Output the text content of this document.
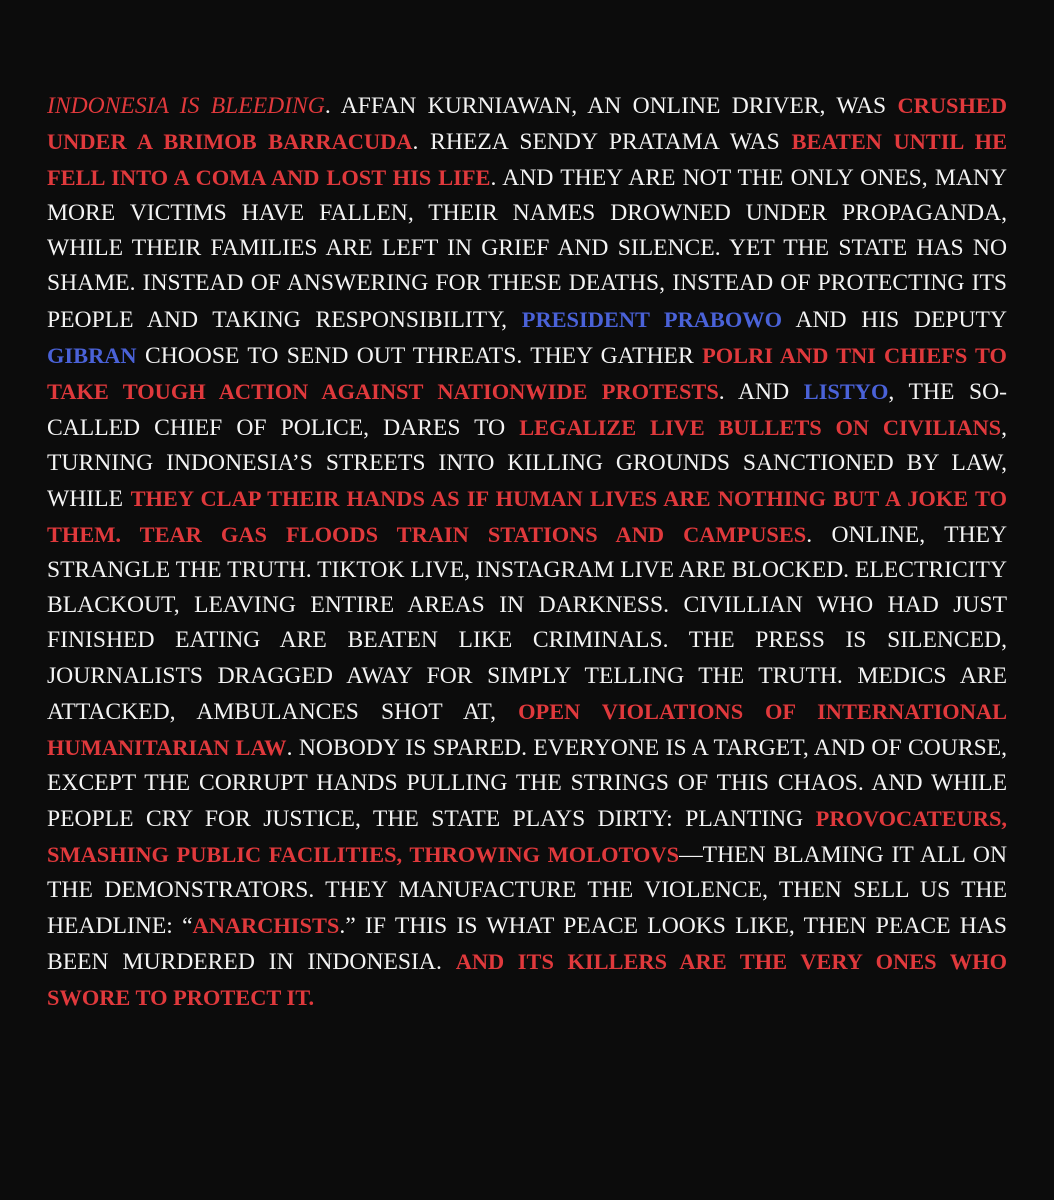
INDONESIA IS BLEEDING. AFFAN KURNIAWAN, AN ONLINE DRIVER, WAS CRUSHED UNDER A BRIMOB BARRACUDA. RHEZA SENDY PRATAMA WAS BEATEN UNTIL HE FELL INTO A COMA AND LOST HIS LIFE. AND THEY ARE NOT THE ONLY ONES, MANY MORE VICTIMS HAVE FALLEN, THEIR NAMES DROWNED UNDER PROPAGANDA, WHILE THEIR FAMILIES ARE LEFT IN GRIEF AND SILENCE. YET THE STATE HAS NO SHAME. INSTEAD OF ANSWERING FOR THESE DEATHS, INSTEAD OF PROTECTING ITS PEOPLE AND TAKING RESPONSIBILITY, PRESIDENT PRABOWO AND HIS DEPUTY GIBRAN CHOOSE TO SEND OUT THREATS. THEY GATHER POLRI AND TNI CHIEFS TO TAKE TOUGH ACTION AGAINST NATIONWIDE PROTESTS. AND LISTYO, THE SO-CALLED CHIEF OF POLICE, DARES TO LEGALIZE LIVE BULLETS ON CIVILIANS, TURNING INDONESIA’S STREETS INTO KILLING GROUNDS SANCTIONED BY LAW, WHILE THEY CLAP THEIR HANDS AS IF HUMAN LIVES ARE NOTHING BUT A JOKE TO THEM. TEAR GAS FLOODS TRAIN STATIONS AND CAMPUSES. ONLINE, THEY STRANGLE THE TRUTH. TIKTOK LIVE, INSTAGRAM LIVE ARE BLOCKED. ELECTRICITY BLACKOUT, LEAVING ENTIRE AREAS IN DARKNESS. CIVILLIAN WHO HAD JUST FINISHED EATING ARE BEATEN LIKE CRIMINALS. THE PRESS IS SILENCED, JOURNALISTS DRAGGED AWAY FOR SIMPLY TELLING THE TRUTH. MEDICS ARE ATTACKED, AMBULANCES SHOT AT, OPEN VIOLATIONS OF INTERNATIONAL HUMANITARIAN LAW. NOBODY IS SPARED. EVERYONE IS A TARGET, AND OF COURSE, EXCEPT THE CORRUPT HANDS PULLING THE STRINGS OF THIS CHAOS. AND WHILE PEOPLE CRY FOR JUSTICE, THE STATE PLAYS DIRTY: PLANTING PROVOCATEURS, SMASHING PUBLIC FACILITIES, THROWING MOLOTOVS—THEN BLAMING IT ALL ON THE DEMONSTRATORS. THEY MANUFACTURE THE VIOLENCE, THEN SELL US THE HEADLINE: “ANARCHISTS.” IF THIS IS WHAT PEACE LOOKS LIKE, THEN PEACE HAS BEEN MURDERED IN INDONESIA. AND ITS KILLERS ARE THE VERY ONES WHO SWORE TO PROTECT IT.
